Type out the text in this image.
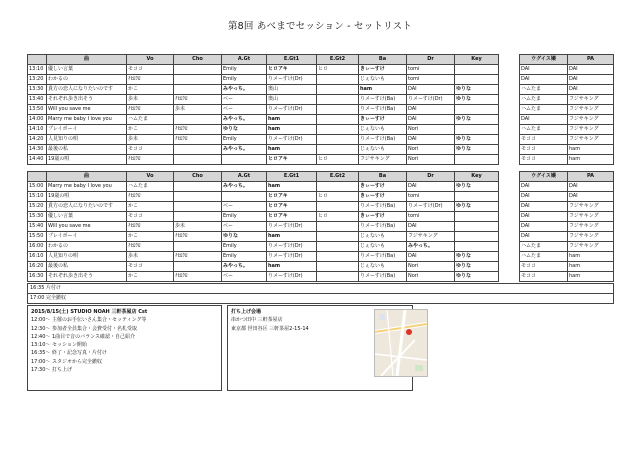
第8回 あべまでセッション - セットリスト
	曲	Vo	Cho	A.Gt	E.Gt1	E.Gt2	Ba	Dr	Key
13:10	優しい言葉	モココ		Emily	ヒロアキ	ヒロ	きぃーすけ	tomi	
13:20	わかるの	ﾁﾋﾛｸﾛ		Emily	りメーすけ(Dr)		じぇないも	tomi	
13:30	貴方の恋人になりたいのです	かこ		みやっち。	奥山		ham	DAI	ゆりな
13:40	それぞれ歩き出そう	歩未	ﾁﾋﾛｸﾛ	ベー	奥山		りメーすけ(Ba)	りメーすけ(Dr)	ゆりな
13:50	Will you save me	ﾁﾋﾛｸﾛ	歩未	ベー	りメーすけ(Dr)		りメーすけ(Ba)	DAI	
14:00	Marry me baby I love you	ハムたま		みやっち。	ham		きぃーすけ	DAI	ゆりな
14:10	プレイボーイ	かこ	ﾁﾋﾛｸﾛ	ゆりな	ham		じぇないも	Nori	
14:20	人見知りの唄	歩未	ﾁﾋﾛｸﾛ	Emily	りメーすけ(Dr)		りメーすけ(Ba)	DAI	ゆりな
14:30	最後の私	モココ		みやっち。	ham		じぇないも	Nori	ゆりな
14:40	19歳の唄	ﾁﾋﾛｸﾛ			ヒロアキ	ヒロ	フジサキング	Nori	

	曲	Vo	Cho	A.Gt	E.Gt1	E.Gt2	Ba	Dr	Key
15:00	Marry me baby I love you	ハムたま		みやっち。	ham		きぃーすけ	DAI	ゆりな
15:10	19歳の唄	ﾁﾋﾛｸﾛ			ヒロアキ	ヒロ	きぃーすけ	tomi	
15:20	貴方の恋人になりたいのです	かこ		ベー	ヒロアキ		りメーすけ(Ba)	りメーすけ(Dr)	ゆりな
15:30	優しい言葉	モココ		Emily	ヒロアキ	ヒロ	きぃーすけ	tomi	
15:40	Will you save me	ﾁﾋﾛｸﾛ	歩未	ベー	りメーすけ(Dr)		りメーすけ(Ba)	DAI	
15:50	プレイボーイ	かこ	ﾁﾋﾛｸﾛ	ゆりな	ham		じぇないも	フジサキング	
16:00	わかるの	ﾁﾋﾛｸﾛ		Emily	りメーすけ(Dr)		じぇないも	みやっち。	
16:10	人見知りの唄	歩未	ﾁﾋﾛｸﾛ	Emily	りメーすけ(Dr)		りメーすけ(Ba)	DAI	ゆりな
16:20	最後の私	モココ		みやっち。	ham		じぇないも	Nori	ゆりな
16:30	それぞれ歩き出そう	かこ	ﾁﾋﾛｸﾛ	ベー	りメーすけ(Dr)		りメーすけ(Ba)	Nori	ゆりな
ウグイス嬢	PA
DAI	DAI
DAI	DAI
ハムたま	DAI
ハムたま	フジサキング
ハムたま	フジサキング
DAI	フジサキング
ハムたま	フジサキング
モココ	フジサキング
モココ	ham
モココ	ham

ウグイス嬢	PA
DAI	DAI
DAI	DAI
DAI	フジサキング
DAI	フジサキング
DAI	フジサキング
DAI	フジサキング
ハムたま	フジサキング
ハムたま	ham
モココ	ham
モココ	ham
16:35 片付け
17:00 完全撤収
2015/8/15(土) STUDIO NOAH 三軒茶屋店 Cst
12:00～ 主催のお手伝いさん集合・セッティング等
12:30～ 参加者全員集合・会費受付・名札受取
12:40～ 1曲目で音のバランス確認・自己紹介
13:10～ セッション開始
16:35～ 終了・記念写真・片付け
17:00～ スタジオから完全撤収
17:30～ 打ち上げ
打ち上げ会場
串かつ田中 三軒茶屋店
東京都 世田谷区 三軒茶屋2-15-14
